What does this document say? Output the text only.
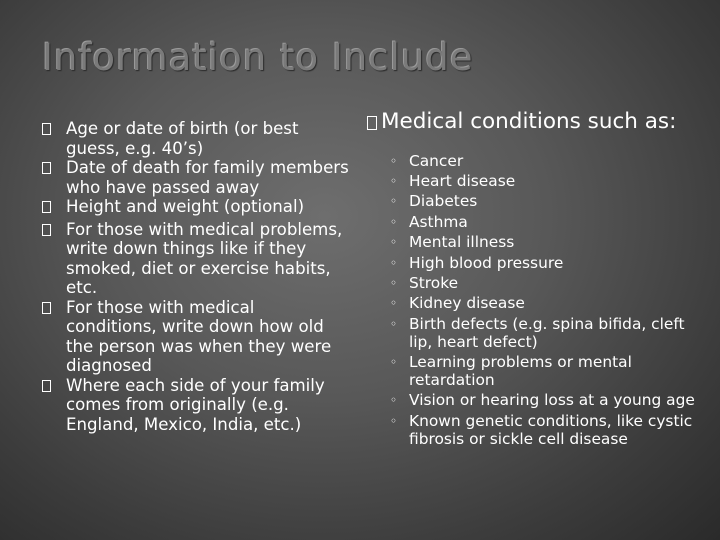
Information to Include
Age or date of birth (or best guess, e.g. 40’s)
Date of death for family members who have passed away
Height and weight (optional)
For those with medical problems, write down things like if they smoked, diet or exercise habits, etc.
For those with medical conditions, write down how old the person was when they were diagnosed
Where each side of your family comes from originally (e.g. England, Mexico, India, etc.)
Medical conditions such as:
◦ Cancer
◦ Heart disease
◦ Diabetes
◦ Asthma
◦ Mental illness
◦ High blood pressure
◦ Stroke
◦ Kidney disease
◦ Birth defects (e.g. spina bifida, cleft lip, heart defect)
◦ Learning problems or mental retardation
◦ Vision or hearing loss at a young age
◦ Known genetic conditions, like cystic fibrosis or sickle cell disease
